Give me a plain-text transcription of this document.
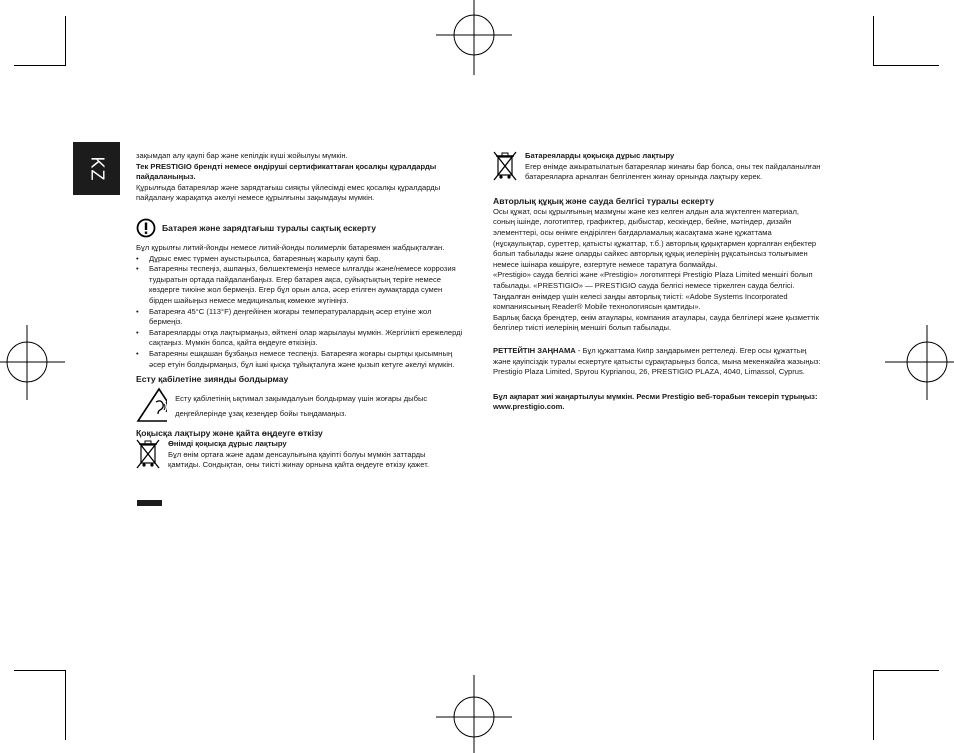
KZ

зақымдап алу қаупі бар және кепілдік күші жойылуы мүмкін.

Тек PRESTIGIO брендті немесе өндіруші сертификаттаған қосалқы құралдарды пайдаланыңыз.

Құрылғыда батареялар және зарядтағыш сияқты үйлесімді емес қосалқы құралдарды пайдалану жарақатқа әкелуі немесе құрылғыны зақымдауы мүмкін.

Батарея және зарядтағыш туралы сақтық ескерту

Бұл құрылғы литий-йонды немесе литий-йонды полимерлік батареямен жабдықталған.

• Дұрыс емес түрмен ауыстырылса, батареяның жарылу қаупі бар.
• Батареяны теспеңіз, ашпаңыз, бөлшектемеңіз немесе ылғалды және/немесе коррозия тудыратын ортада пайдаланбаңыз. Егер батарея ақса, суйықтықтың теріге немесе көздерге тиюіне жол бермеңіз. Егер бұл орын алса, әсер етілген аумақтарда сумен бірден шайыңыз немесе медициналық көмекке жүгініңіз.
• Батареяға 45°C (113°F) деңгейінен жоғары температуралардың әсер етуіне жол бермеңіз.
• Батареяларды отқа лақтырмаңыз, өйткені олар жарылауы мүмкін. Жергілікті ережелерді сақтаңыз. Мүмкін болса, қайта өңдеуге өткізіңіз.
• Батареяны ешқашан бұзбаңыз немесе теспеңіз. Батареяға жоғары сыртқы қысымның әсер етуін болдырмаңыз, бұл ішкі қысқа тұйықталуға және қызып кетуге әкелуі мүмкін.

Есту қабілетіне зиянды болдырмау

Есту қабілетінің ықтимал зақымдалуын болдырмау үшін жоғары дыбыс деңгейлерінде ұзақ кезеңдер бойы тыңдамаңыз.

Қоқысқа лақтыру және қайта өңдеуге өткізу

Өнімді қоқысқа дұрыс лақтыру

Бұл өнім ортаға және адам денсаулығына қауіпті болуы мүмкін заттарды қамтиды. Сондықтан, оны тиісті жинау орнына қайта өңдеуге өткізу қажет.

Батареяларды қоқысқа дұрыс лақтыру

Егер өнімде ажыратылатын батареялар жинағы бар болса, оны тек пайдаланылған батареяларға арналған белгіленген жинау орнында лақтыру керек.

Авторлық құқық және сауда белгісі туралы ескерту

Осы құжат, осы құрылғының мазмұны және кез келген алдын ала жүктелген материал, соның ішінде, логотиптер, графиктер, дыбыстар, кескіндер, бейне, мәтіндер, дизайн элементтері, осы өнімге ендірілген бағдарламалық жасақтама және құжаттама (нұсқаулықтар, суреттер, қатысты құжаттар, т.б.) авторлық құқықтармен қорғалған еңбектер болып табылады және оларды сайкес авторлық құқық иелерінің рұқсатынсыз толығымен немесе ішінара көшіруге, өзгертуге немесе таратуға болмайды.

«Prestigio» сауда белгісі және «Prestigio» логотиптері Prestigio Plaza Limited меншігі болып табылады. «PRESTIGIO» — PRESTIGIO сауда белгісі немесе тіркелген сауда белгісі.

Таңдалған өнімдер үшін келесі заңды авторлық тиістi: «Adobe Systems Incorporated компаниясының Reader® Mobile технологиясын қамтиды».

Барлық басқа брендтер, өнім атаулары, компания атаулары, сауда белгілері және қызметтік белгілер тиісті иелерінің меншігі болып табылады.

РЕТТЕЙТІН ЗАҢНАМА - Бұл құжаттама Кипр заңдарымен реттеледі. Егер осы құжаттың және қауіпсіздік туралы ескертуге қатысты сұрақтарыңыз болса, мына мекенжайға жазыңыз: Prestigio Plaza Limited, Spyrou Kyprianou, 26, PRESTIGIO PLAZA, 4040, Limassol, Cyprus.

Бұл ақпарат жиі жаңартылуы мүмкін. Ресми Prestigio веб-торабын тексеріп тұрыңыз: www.prestigio.com.
